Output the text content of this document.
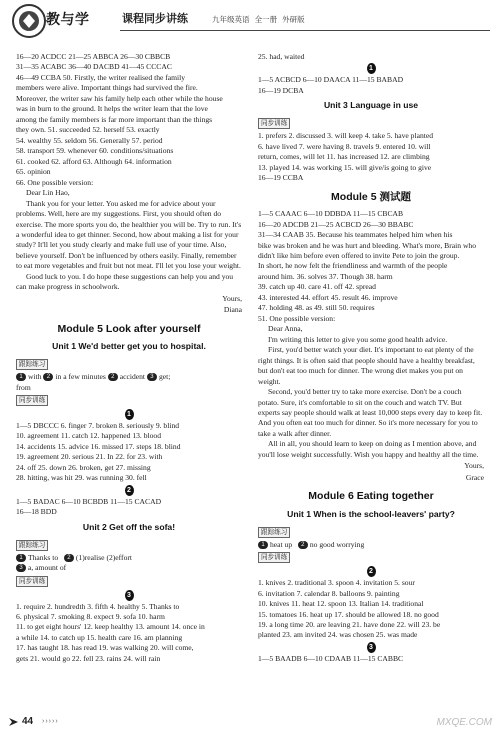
教与学	课程同步讲练	九年级英语 全一册 外研版
16—20 ACDCC 21—25 ABBCA 26—30 CBBCB
31—35 ACABC 36—40 DACBD 41—45 CCCAC
46—49 CCBA 50. Firstly, the writer realised the family
members were alive. Important things had survived the fire.
Moreover, the writer saw his family help each other while the house
was in burn to the ground. It helps the writer learn that the love
among the family members is far more important than the things
they own. 51. succeeded 52. herself 53. exactly
54. wealthy 55. seldom 56. Generally 57. period
58. transport 59. whenever 60. conditions/situations
61. cooked 62. afford 63. Although 64. information
65. opinion
66. One possible version:
Dear Lin Hao,
Thank you for your letter. You asked me for advice about your problems. Well, here are my suggestions. First, you should often do exercise. The more sports you do, the healthier you will be. Try to run. It's a wonderful idea to get thinner. Second, how about making a list for your study? It'll let you study clearly and make full use of your time. Also, believe yourself. Don't be influenced by others easily. Finally, remember to eat more vegetables and fruit but not meat. I'll let you lose your weight.
Good luck to you. I do hope these suggestions can help you and you can make progress in schoolwork.
Yours,
Diana
Module 5 Look after yourself
Unit 1 We'd better get you to hospital.
跟踪练习
1 with 2 in a few minutes 2 accident 3 get;
from
同步训练
1
1—5 DBCCC 6. finger 7. broken 8. seriously 9. blind
10. agreement 11. catch 12. happened 13. blood
14. accidents 15. advice 16. missed 17. steps 18. blind
19. agreement 20. serious 21. In 22. for 23. with
24. off 25. down 26. broken, get 27. missing
28. hitting, was hit 29. was running 30. fell
2
1—5 BADAC 6—10 BCBDB 11—15 CACAD
16—18 BDD
Unit 2 Get off the sofa!
跟踪练习
1 Thanks to 2 (1)realise (2)effort
3 a, amount of
同步训练
3
1. require 2. hundredth 3. fifth 4. healthy 5. Thanks to
6. physical 7. smoking 8. expect 9. sofa 10. harm
11. to get eight hours' 12. keep healthy 13. amount 14. once in
a while 14. to catch up 15. health care 16. am planning
17. has taught 18. has read 19. was walking 20. will come,
gets 21. would go 22. fell 23. rains 24. will rain
25. had, waited
1
1—5 ACBCD 6—10 DAACA 11—15 BABAD
16—19 DCBA
Unit 3 Language in use
同步训练
1. prefers 2. discussed 3. will keep 4. take 5. have planted
6. have lived 7. were having 8. travels 9. entered 10. will
return, comes, will let 11. has increased 12. are climbing
13. played 14. was working 15. will give/is going to give
16—19 CCBA
Module 5 测试题
1—5 CAAAC 6—10 DDBDA 11—15 CBCAB
16—20 ADCDB 21—25 ACBCD 26—30 BBABC
31—34 CAAB 35. Because his teammates helped him when his
bike was broken and he was hurt and bleeding. What's more, Brain who
didn't like him before even offered to invite Pete to join the group.
In short, he now felt the friendliness and warmth of the people
around him. 36. solves 37. Though 38. harm
39. catch up 40. care 41. off 42. spread
43. interested 44. effort 45. result 46. improve
47. holding 48. as 49. still 50. requires
51. One possible version:
Dear Anna,
I'm writing this letter to give you some good health advice.
First, you'd better watch your diet. It's important to eat plenty of the right things. It is often said that people should have a healthy breakfast, but don't eat too much for dinner. The wrong diet makes you put on weight.
Second, you'd better try to take more exercise. Don't be a couch potato. Sure, it's comfortable to sit on the couch and watch TV. But experts say people should walk at least 10,000 steps every day to keep fit. And you often eat too much for dinner. So it's more necessary for you to take a walk after dinner.
All in all, you should learn to keep on doing as I mention above, and you'll lose weight successfully. Wish you happy and healthy all the time.
Yours,
Grace
Module 6 Eating together
Unit 1 When is the school-leavers' party?
跟踪练习
1 heat up 2 no good worrying
同步训练
2
1. knives 2. traditional 3. spoon 4. invitation 5. sour
6. invitation 7. calendar 8. balloons 9. painting
10. knives 11. heat 12. spoon 13. Italian 14. traditional
15. tomatoes 16. heat up 17. should be allowed 18. no good
19. a long time 20. are leaving 21. have done 22. will 23. be
planted 23. am invited 24. was chosen 25. was made
3
1—5 BAADB 6—10 CDAAB 11—15 CABBC
44 ›››››	MXQE.COM
